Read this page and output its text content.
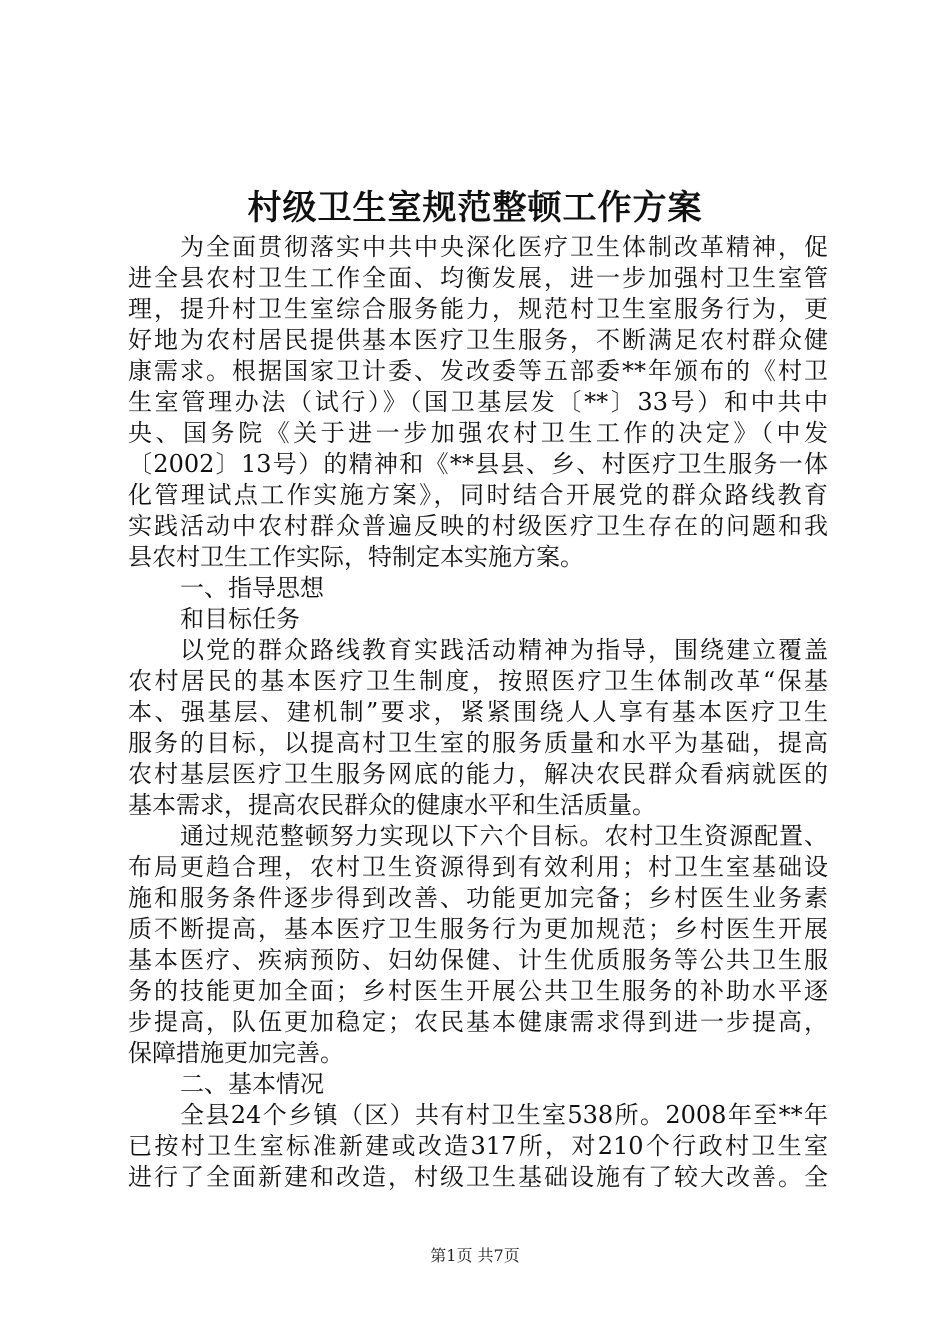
村级卫生室规范整顿工作方案
为全面贯彻落实中共中央深化医疗卫生体制改革精神，促
进全县农村卫生工作全面、均衡发展，进一步加强村卫生室管
理，提升村卫生室综合服务能力，规范村卫生室服务行为，更
好地为农村居民提供基本医疗卫生服务，不断满足农村群众健
康需求。根据国家卫计委、发改委等五部委**年颁布的《村卫
生室管理办法（试行）》（国卫基层发〔**〕33号）和中共中
央、国务院《关于进一步加强农村卫生工作的决定》（中发
〔2002〕13号）的精神和《**县县、乡、村医疗卫生服务一体
化管理试点工作实施方案》，同时结合开展党的群众路线教育
实践活动中农村群众普遍反映的村级医疗卫生存在的问题和我
县农村卫生工作实际，特制定本实施方案。
一、指导思想
和目标任务
以党的群众路线教育实践活动精神为指导，围绕建立覆盖
农村居民的基本医疗卫生制度，按照医疗卫生体制改革“保基
本、强基层、建机制”要求，紧紧围绕人人享有基本医疗卫生
服务的目标，以提高村卫生室的服务质量和水平为基础，提高
农村基层医疗卫生服务网底的能力，解决农民群众看病就医的
基本需求，提高农民群众的健康水平和生活质量。
通过规范整顿努力实现以下六个目标。农村卫生资源配置、
布局更趋合理，农村卫生资源得到有效利用；村卫生室基础设
施和服务条件逐步得到改善、功能更加完备；乡村医生业务素
质不断提高，基本医疗卫生服务行为更加规范；乡村医生开展
基本医疗、疾病预防、妇幼保健、计生优质服务等公共卫生服
务的技能更加全面；乡村医生开展公共卫生服务的补助水平逐
步提高，队伍更加稳定；农民基本健康需求得到进一步提高，
保障措施更加完善。
二、基本情况
全县24个乡镇（区）共有村卫生室538所。2008年至**年
已按村卫生室标准新建或改造317所，对210个行政村卫生室
进行了全面新建和改造，村级卫生基础设施有了较大改善。全
第1页 共7页
